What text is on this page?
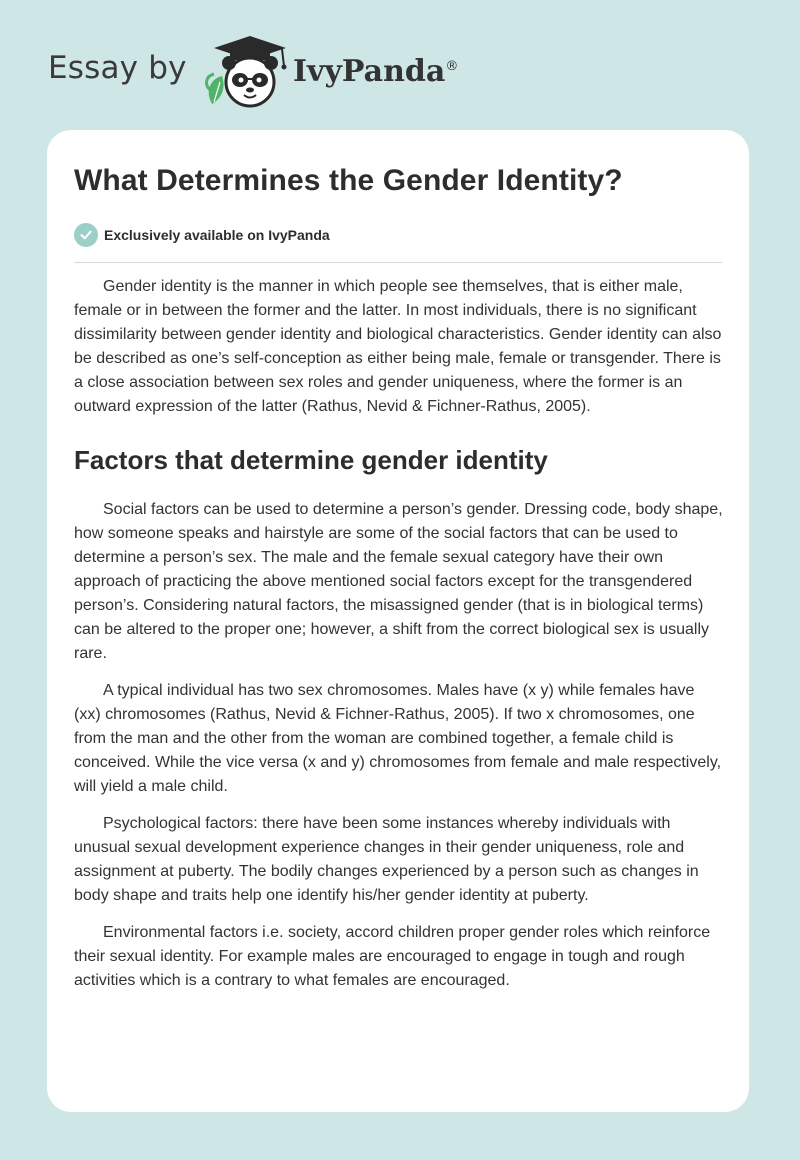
Essay by	IvyPanda®
What Determines the Gender Identity?
Exclusively available on IvyPanda

Gender identity is the manner in which people see themselves, that is either male, female or in between the former and the latter. In most individuals, there is no significant dissimilarity between gender identity and biological characteristics. Gender identity can also be described as one’s self-conception as either being male, female or transgender. There is a close association between sex roles and gender uniqueness, where the former is an outward expression of the latter (Rathus, Nevid & Fichner-Rathus, 2005).

Factors that determine gender identity

Social factors can be used to determine a person’s gender. Dressing code, body shape, how someone speaks and hairstyle are some of the social factors that can be used to determine a person’s sex. The male and the female sexual category have their own approach of practicing the above mentioned social factors except for the transgendered person’s. Considering natural factors, the misassigned gender (that is in biological terms) can be altered to the proper one; however, a shift from the correct biological sex is usually rare.

A typical individual has two sex chromosomes. Males have (x y) while females have (xx) chromosomes (Rathus, Nevid & Fichner-Rathus, 2005). If two x chromosomes, one from the man and the other from the woman are combined together, a female child is conceived. While the vice versa (x and y) chromosomes from female and male respectively, will yield a male child.

Psychological factors: there have been some instances whereby individuals with unusual sexual development experience changes in their gender uniqueness, role and assignment at puberty. The bodily changes experienced by a person such as changes in body shape and traits help one identify his/her gender identity at puberty.

Environmental factors i.e. society, accord children proper gender roles which reinforce their sexual identity. For example males are encouraged to engage in tough and rough activities which is a contrary to what females are encouraged.
